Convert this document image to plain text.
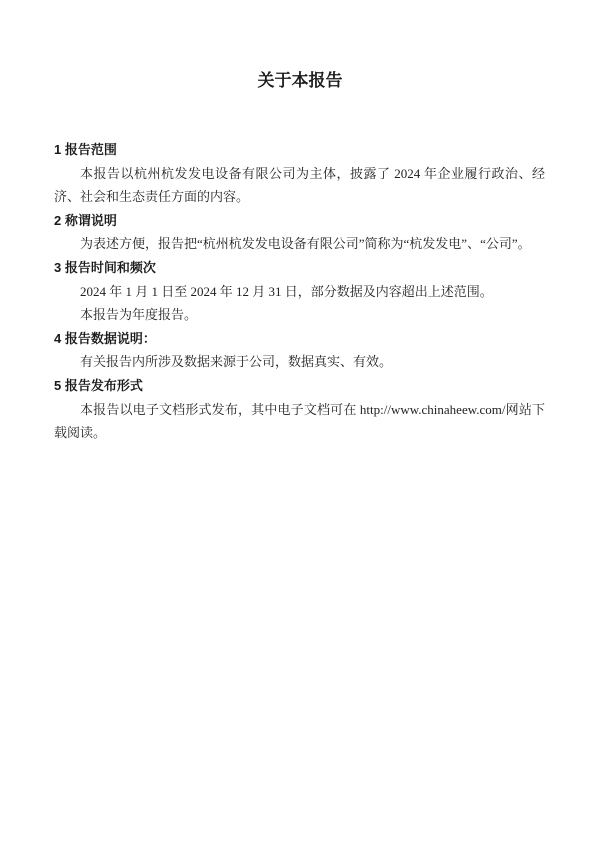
关于本报告
1 报告范围

本报告以杭州杭发发电设备有限公司为主体，披露了 2024 年企业履行政治、经济、社会和生态责任方面的内容。

2 称谓说明

为表述方便，报告把“杭州杭发发电设备有限公司”简称为“杭发发电”、“公司”。

3 报告时间和频次

2024 年 1 月 1 日至 2024 年 12 月 31 日，部分数据及内容超出上述范围。

本报告为年度报告。

4 报告数据说明：

有关报告内所涉及数据来源于公司，数据真实、有效。

5 报告发布形式

本报告以电子文档形式发布，其中电子文档可在 http://www.chinaheew.com/网站下载阅读。
